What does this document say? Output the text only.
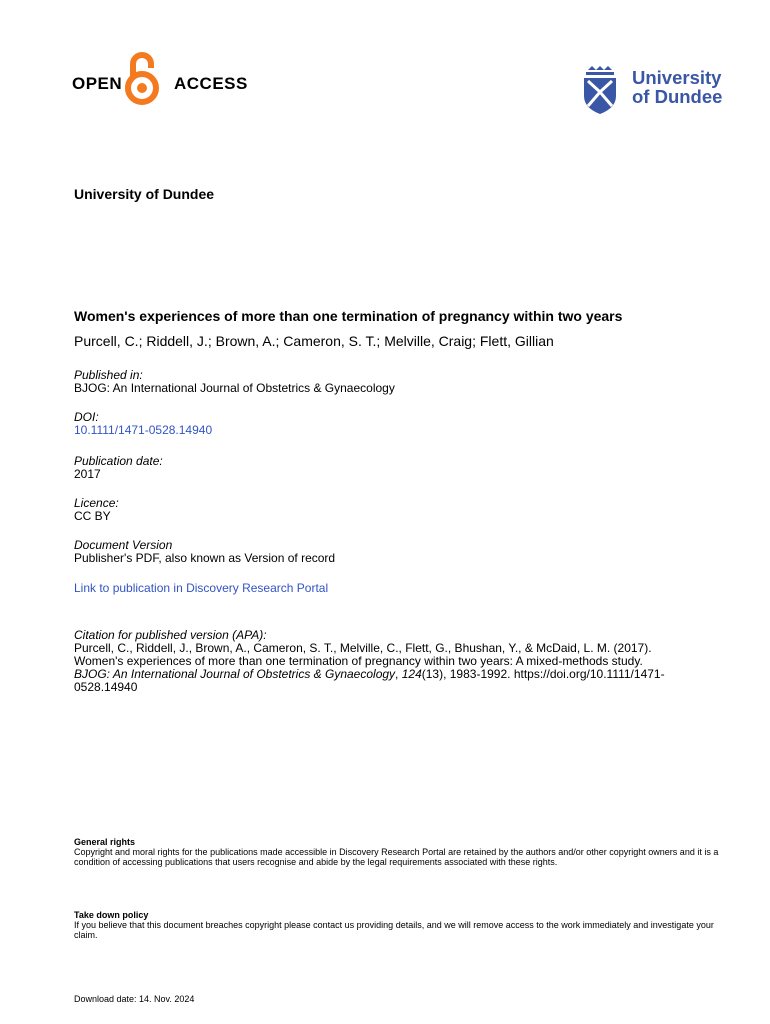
OPEN	ACCESS	University
of Dundee
University of Dundee
Women's experiences of more than one termination of pregnancy within two years
Purcell, C.; Riddell, J.; Brown, A.; Cameron, S. T.; Melville, Craig; Flett, Gillian
Published in:
BJOG: An International Journal of Obstetrics & Gynaecology
DOI:
10.1111/1471-0528.14940
Publication date:
2017
Licence:
CC BY
Document Version
Publisher's PDF, also known as Version of record
Link to publication in Discovery Research Portal
Citation for published version (APA):
Purcell, C., Riddell, J., Brown, A., Cameron, S. T., Melville, C., Flett, G., Bhushan, Y., & McDaid, L. M. (2017).
Women's experiences of more than one termination of pregnancy within two years: A mixed-methods study.
BJOG: An International Journal of Obstetrics & Gynaecology, 124(13), 1983-1992. https://doi.org/10.1111/1471-
0528.14940
General rights
Copyright and moral rights for the publications made accessible in Discovery Research Portal are retained by the authors and/or other copyright owners and it is a condition of accessing publications that users recognise and abide by the legal requirements associated with these rights.
Take down policy
If you believe that this document breaches copyright please contact us providing details, and we will remove access to the work immediately and investigate your claim.
Download date: 14. Nov. 2024
